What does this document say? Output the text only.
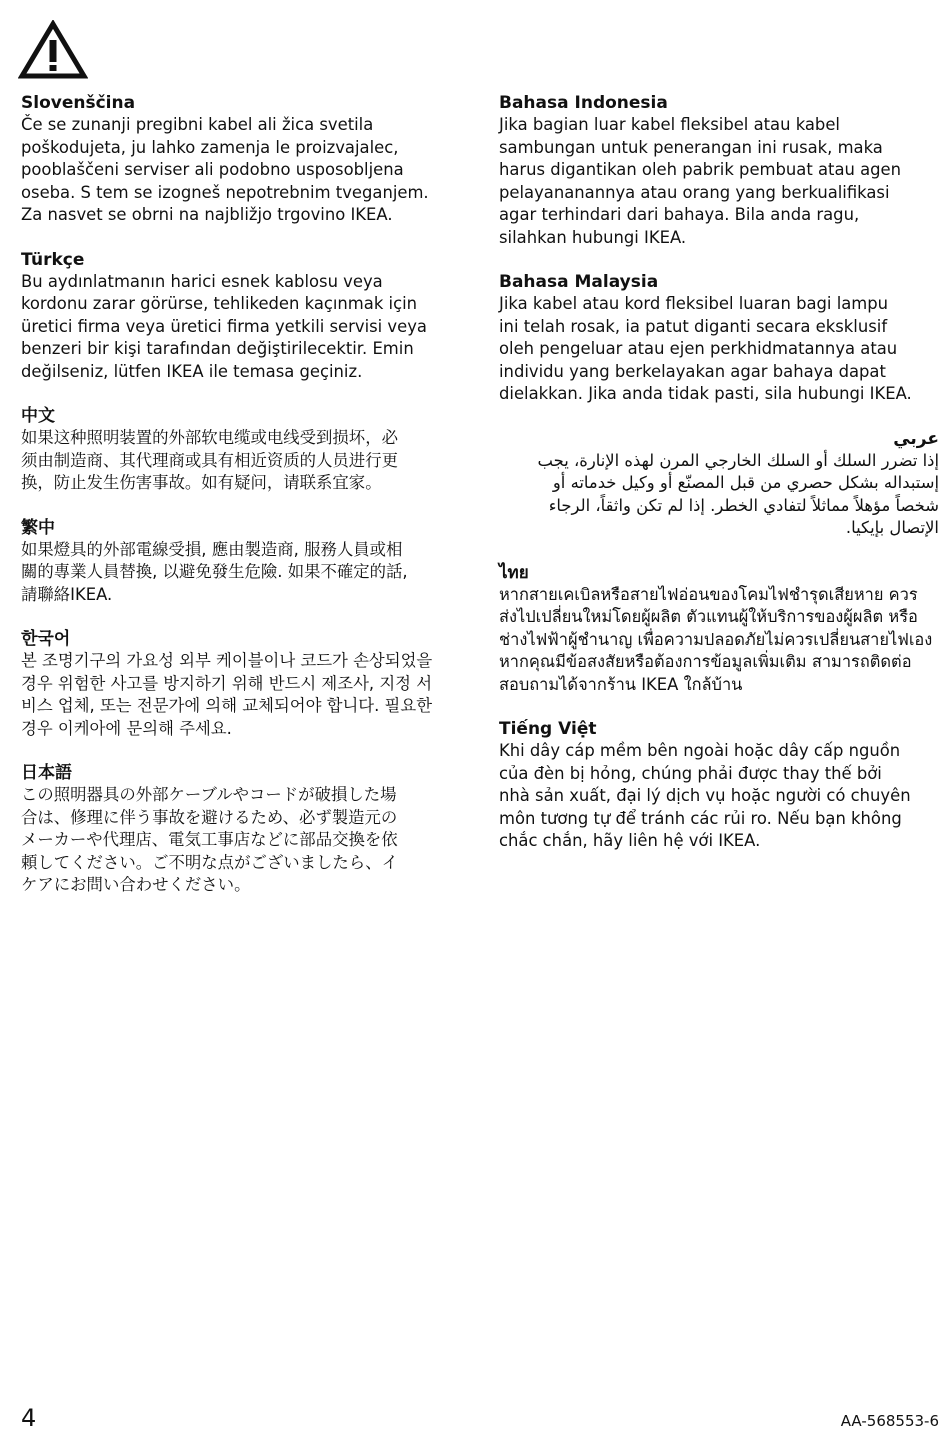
Slovenščina

Če se zunanji pregibni kabel ali žica svetila
poškodujeta, ju lahko zamenja le proizvajalec,
pooblaščeni serviser ali podobno usposobljena
oseba. S tem se izogneš nepotrebnim tveganjem.
Za nasvet se obrni na najbližjo trgovino IKEA.

Türkçe

Bu aydınlatmanın harici esnek kablosu veya
kordonu zarar görürse, tehlikeden kaçınmak için
üretici firma veya üretici firma yetkili servisi veya
benzeri bir kişi tarafından değiştirilecektir. Emin
değilseniz, lütfen IKEA ile temasa geçiniz.

中文

如果这种照明装置的外部软电缆或电线受到损坏，必
须由制造商、其代理商或具有相近资质的人员进行更
换，防止发生伤害事故。如有疑问，请联系宜家。

繁中

如果燈具的外部電線受損, 應由製造商, 服務人員或相
關的專業人員替換, 以避免發生危險. 如果不確定的話,
請聯絡IKEA.

한국어

본 조명기구의 가요성 외부 케이블이나 코드가 손상되었을
경우 위험한 사고를 방지하기 위해 반드시 제조사, 지정 서
비스 업체, 또는 전문가에 의해 교체되어야 합니다. 필요한
경우 이케아에 문의해 주세요.

日本語

この照明器具の外部ケーブルやコードが破損した場
合は、修理に伴う事故を避けるため、必ず製造元の
メーカーや代理店、電気工事店などに部品交換を依
頼してください。ご不明な点がございましたら、イ
ケアにお問い合わせください。

Bahasa Indonesia

Jika bagian luar kabel fleksibel atau kabel
sambungan untuk penerangan ini rusak, maka
harus digantikan oleh pabrik pembuat atau agen
pelayananannya atau orang yang berkualifikasi
agar terhindari dari bahaya. Bila anda ragu,
silahkan hubungi IKEA.

Bahasa Malaysia

Jika kabel atau kord fleksibel luaran bagi lampu
ini telah rosak, ia patut diganti secara eksklusif
oleh pengeluar atau ejen perkhidmatannya atau
individu yang berkelayakan agar bahaya dapat
dielakkan. Jika anda tidak pasti, sila hubungi IKEA.

عربي

إذا تضرر السلك أو السلك الخارجي المرن لهذه الإنارة، يجب
إستبداله بشكل حصري من قبل المصنّع أو وكيل خدماته أو
شخصاً مؤهلاً مماثلاً لتفادي الخطر. إذا لم تكن واثقاً، الرجاء
الإتصال بإيكيا.

ไทย

หากสายเคเบิลหรือสายไฟอ่อนของโคมไฟชำรุดเสียหาย ควร
ส่งไปเปลี่ยนใหม่โดยผู้ผลิต ตัวแทนผู้ให้บริการของผู้ผลิต หรือ
ช่างไฟฟ้าผู้ชำนาญ เพื่อความปลอดภัยไม่ควรเปลี่ยนสายไฟเอง
หากคุณมีข้อสงสัยหรือต้องการข้อมูลเพิ่มเติม สามารถติดต่อ
สอบถามได้จากร้าน IKEA ใกล้บ้าน

Tiếng Việt

Khi dây cáp mềm bên ngoài hoặc dây cấp nguồn
của đèn bị hỏng, chúng phải được thay thế bởi
nhà sản xuất, đại lý dịch vụ hoặc người có chuyên
môn tương tự để tránh các rủi ro. Nếu bạn không
chắc chắn, hãy liên hệ với IKEA.

4	AA-568553-6
